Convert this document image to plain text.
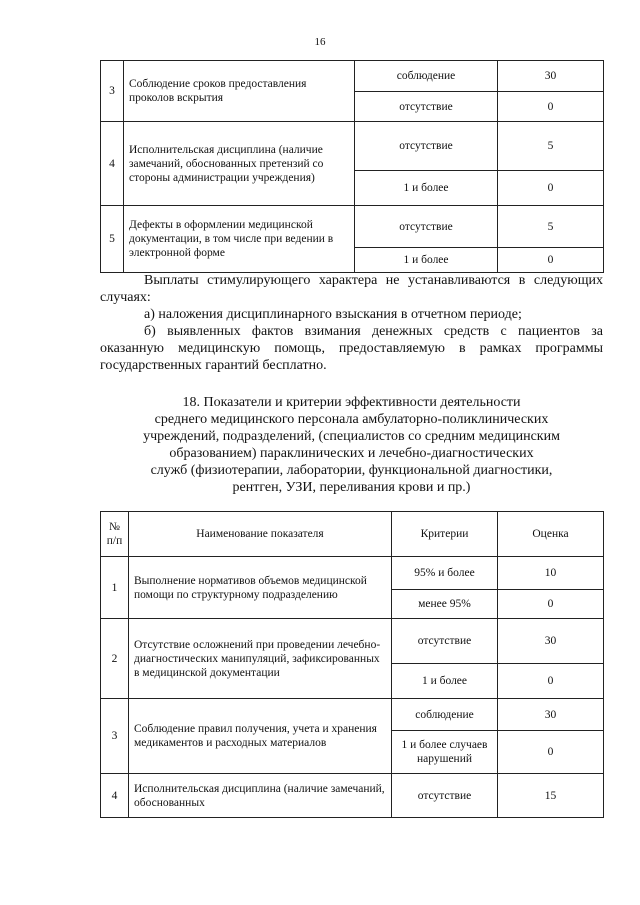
16
3	Соблюдение сроков предоставления проколов вскрытия	соблюдение	30
		отсутствие	0
4	Исполнительская дисциплина (наличие замечаний, обоснованных претензий со стороны администрации учреждения)	отсутствие	5
		1 и более	0
5	Дефекты в оформлении медицинской документации, в том числе при ведении в электронной форме	отсутствие	5
		1 и более	0
Выплаты стимулирующего характера не устанавливаются в следующих случаях:
а) наложения дисциплинарного взыскания в отчетном периоде;
б) выявленных фактов взимания денежных средств с пациентов за оказанную медицинскую помощь, предоставляемую в рамках программы государственных гарантий бесплатно.
18. Показатели и критерии эффективности деятельности
среднего медицинского персонала амбулаторно-поликлинических
учреждений, подразделений, (специалистов со средним медицинским
образованием) параклинических и лечебно-диагностических
служб (физиотерапии, лаборатории, функциональной диагностики,
рентген, УЗИ, переливания крови и пр.)
№ п/п	Наименование показателя	Критерии	Оценка
1	Выполнение нормативов объемов медицинской помощи по структурному подразделению	95% и более	10
		менее 95%	0
2	Отсутствие осложнений при проведении лечебно-диагностических манипуляций, зафиксированных в медицинской документации	отсутствие	30
		1 и более	0
3	Соблюдение правил получения, учета и хранения медикаментов и расходных материалов	соблюдение	30
		1 и более случаев нарушений	0
4	Исполнительская дисциплина (наличие замечаний, обоснованных	отсутствие	15
